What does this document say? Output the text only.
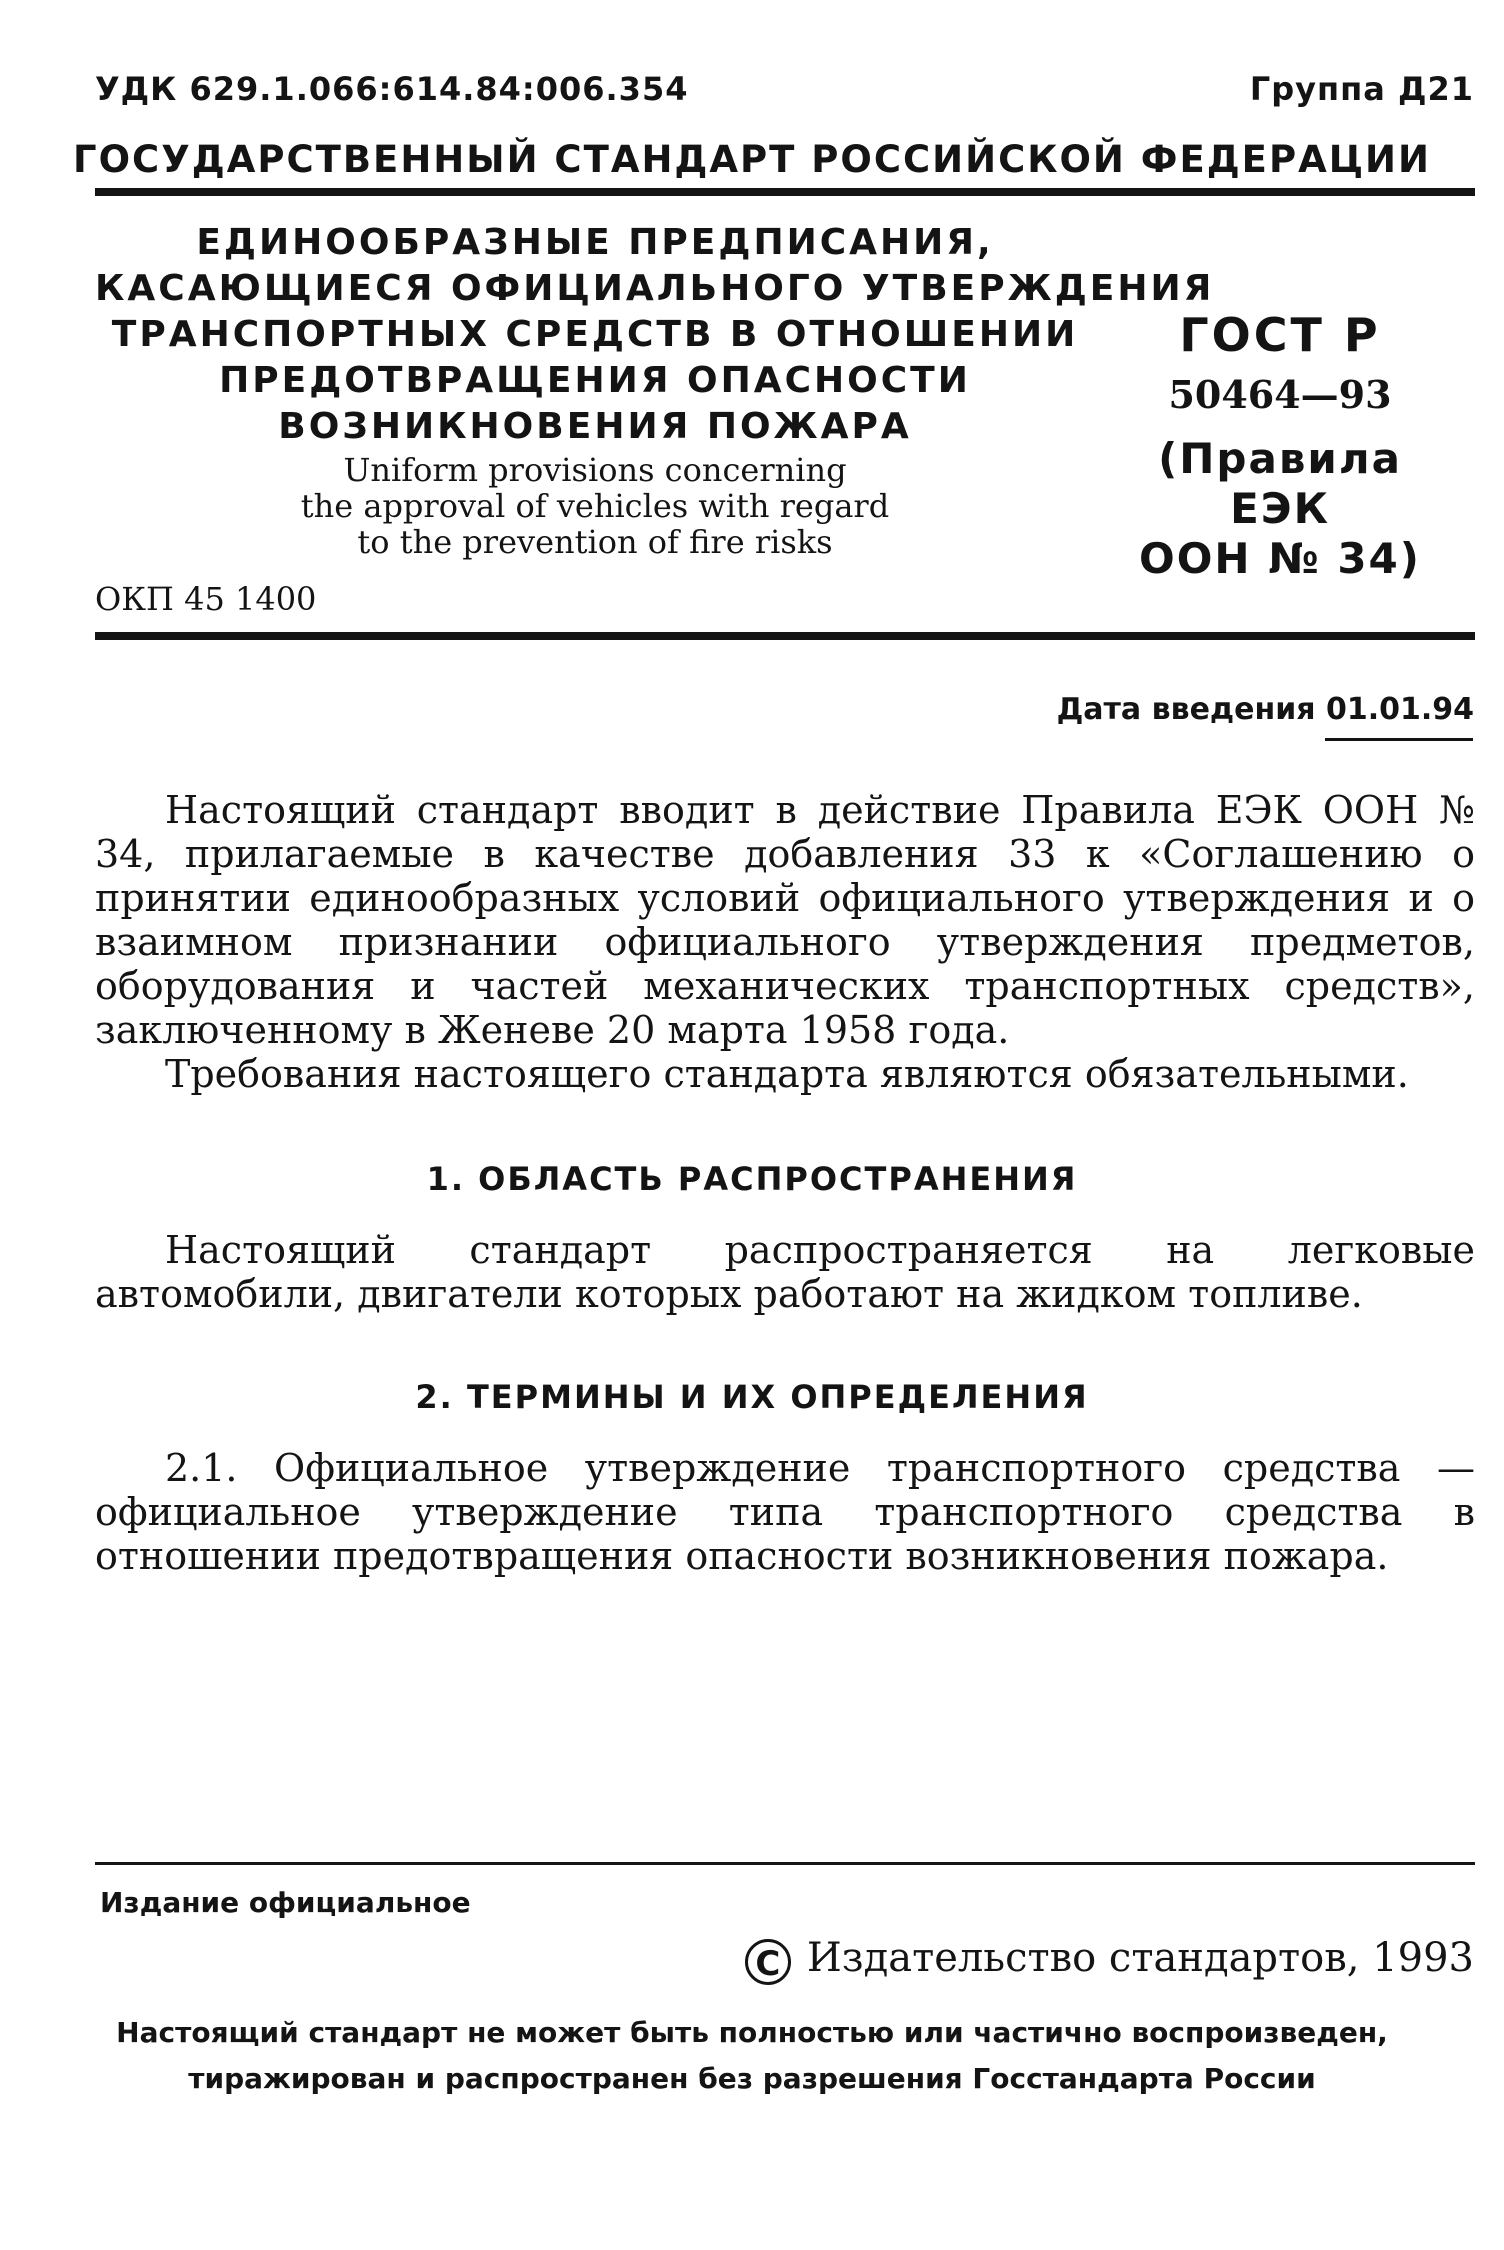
УДК 629.1.066:614.84:006.354	Группа Д21
ГОСУДАРСТВЕННЫЙ СТАНДАРТ РОССИЙСКОЙ ФЕДЕРАЦИИ
ЕДИНООБРАЗНЫЕ ПРЕДПИСАНИЯ,
КАСАЮЩИЕСЯ ОФИЦИАЛЬНОГО УТВЕРЖДЕНИЯ
ТРАНСПОРТНЫХ СРЕДСТВ В ОТНОШЕНИИ
ПРЕДОТВРАЩЕНИЯ ОПАСНОСТИ
ВОЗНИКНОВЕНИЯ ПОЖАРА
Uniform provisions concerning
the approval of vehicles with regard
to the prevention of fire risks
ОКП 45 1400
ГОСТ Р
50464—93
(Правила ЕЭК
ООН № 34)
Дата введения 01.01.94
Настоящий стандарт вводит в действие Правила ЕЭК ООН № 34, прилагаемые в качестве добавления 33 к «Соглашению о принятии единообразных условий официального утверждения и о взаимном признании официального утверждения предметов, оборудования и частей механических транспортных средств», заключенному в Женеве 20 марта 1958 года.
Требования настоящего стандарта являются обязательными.
1. ОБЛАСТЬ РАСПРОСТРАНЕНИЯ
Настоящий стандарт распространяется на легковые автомобили, двигатели которых работают на жидком топливе.
2. ТЕРМИНЫ И ИХ ОПРЕДЕЛЕНИЯ
2.1. Официальное утверждение транспортного средства — официальное утверждение типа транспортного средства в отношении предотвращения опасности возникновения пожара.
Издание официальное
C Издательство стандартов, 1993
Настоящий стандарт не может быть полностью или частично воспроизведен,
тиражирован и распространен без разрешения Госстандарта России
